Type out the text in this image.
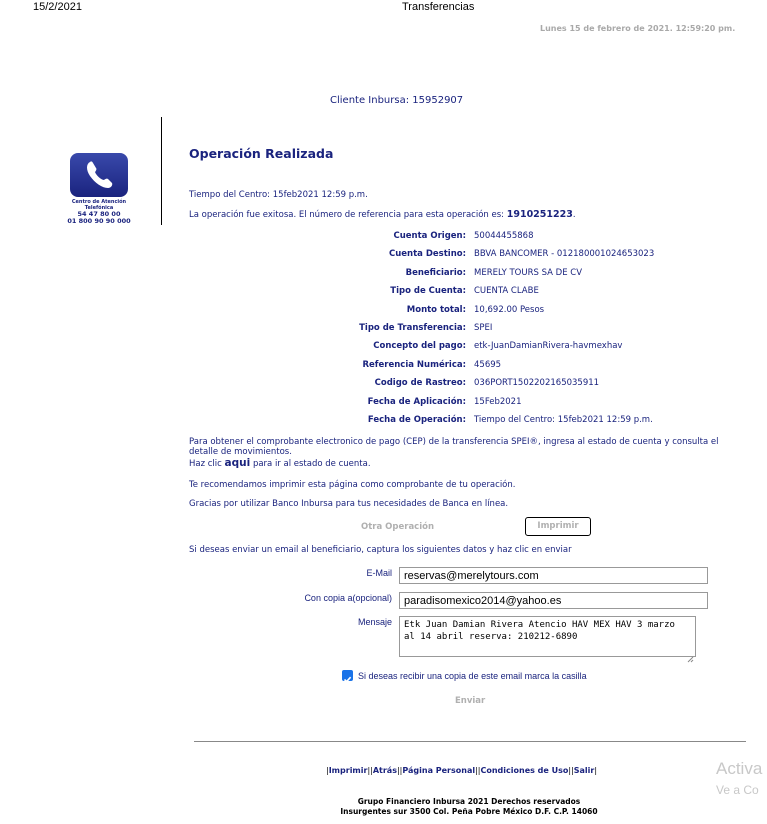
15/2/2021	Transferencias
Lunes 15 de febrero de 2021. 12:59:20 pm.
Cliente Inbursa: 15952907
Centro de Atención Telefónica
54 47 80 00
01 800 90 90 000
Operación Realizada
Tiempo del Centro: 15feb2021 12:59 p.m.
La operación fue exitosa. El número de referencia para esta operación es: 1910251223.
Cuenta Origen: 50044455868
Cuenta Destino: BBVA BANCOMER - 012180001024653023
Beneficiario: MERELY TOURS SA DE CV
Tipo de Cuenta: CUENTA CLABE
Monto total: 10,692.00 Pesos
Tipo de Transferencia: SPEI
Concepto del pago: etk-JuanDamianRivera-havmexhav
Referencia Numérica: 45695
Codigo de Rastreo: 036PORT1502202165035911
Fecha de Aplicación: 15Feb2021
Fecha de Operación: Tiempo del Centro: 15feb2021 12:59 p.m.
Para obtener el comprobante electronico de pago (CEP) de la transferencia SPEI®, ingresa al estado de cuenta y consulta el detalle de movimientos.
Haz clic aqui para ir al estado de cuenta.
Te recomendamos imprimir esta página como comprobante de tu operación.
Gracias por utilizar Banco Inbursa para tus necesidades de Banca en línea.
Otra Operación	Imprimir
Si deseas enviar un email al beneficiario, captura los siguientes datos y haz clic en enviar
E-Mail
reservas@merelytours.com
Con copia a(opcional)
paradisomexico2014@yahoo.es
Mensaje
Etk Juan Damian Rivera Atencio HAV MEX HAV 3 marzo al 14 abril reserva: 210212-6890
Si deseas recibir una copia de este email marca la casilla
Enviar
|Imprimir||Atrás||Página Personal||Condiciones de Uso||Salir|
Grupo Financiero Inbursa 2021 Derechos reservados
Insurgentes sur 3500 Col. Peña Pobre México D.F. C.P. 14060
Activa
Ve a Co
